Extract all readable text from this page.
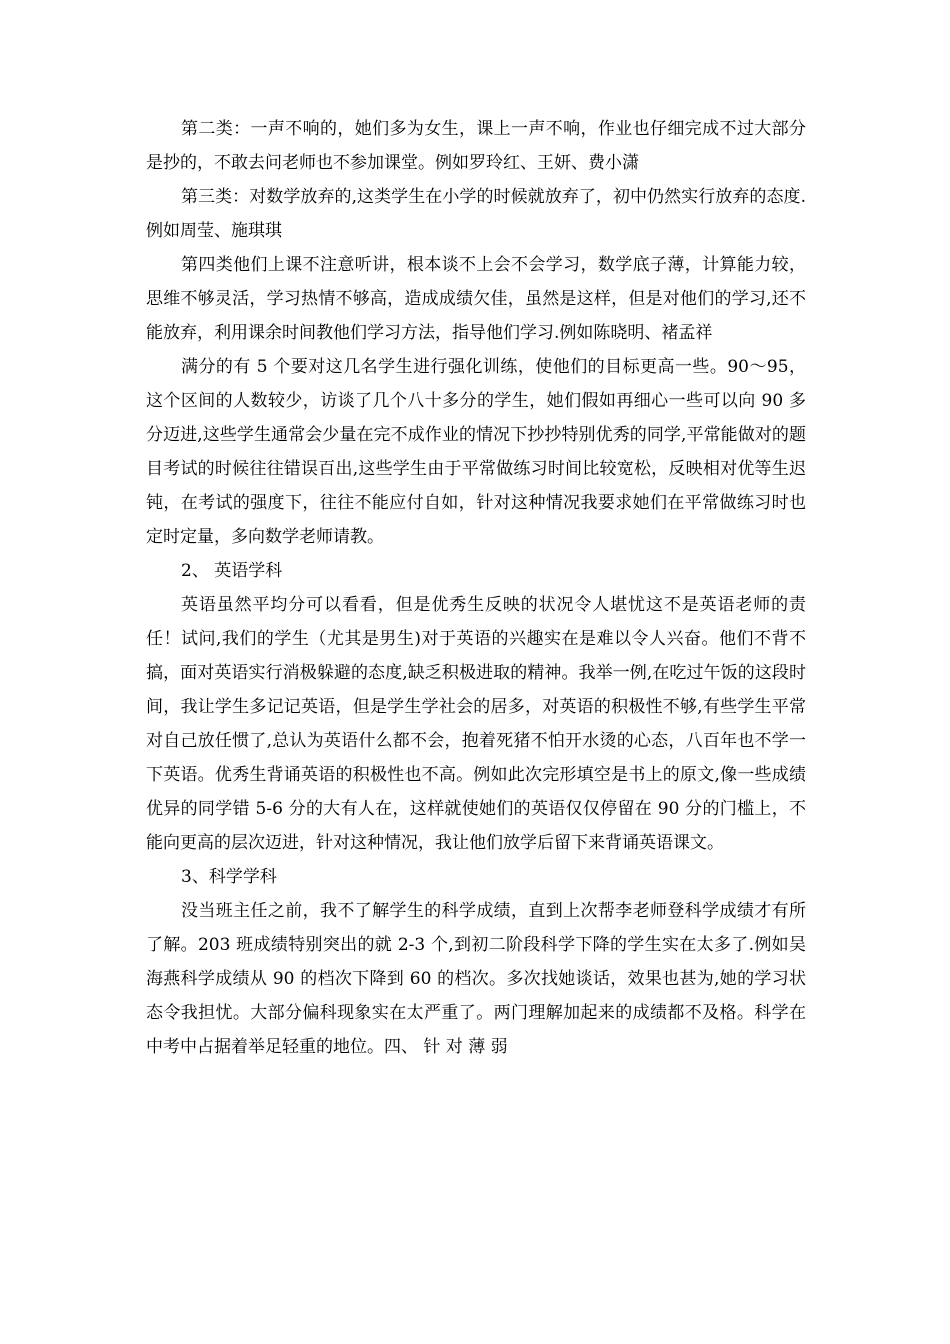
第二类：一声不响的，她们多为女生，课上一声不响，作业也仔细完成不过大部分是抄的，不敢去问老师也不参加课堂。例如罗玲红、王妍、费小潇

第三类：对数学放弃的,这类学生在小学的时候就放弃了，初中仍然实行放弃的态度.例如周莹、施琪琪

第四类他们上课不注意听讲，根本谈不上会不会学习，数学底子薄，计算能力较，思维不够灵活，学习热情不够高，造成成绩欠佳，虽然是这样，但是对他们的学习,还不能放弃，利用课余时间教他们学习方法，指导他们学习.例如陈晓明、褚孟祥

满分的有 5 个要对这几名学生进行强化训练，使他们的目标更高一些。90～95，这个区间的人数较少，访谈了几个八十多分的学生，她们假如再细心一些可以向 90 多分迈进,这些学生通常会少量在完不成作业的情况下抄抄特别优秀的同学,平常能做对的题目考试的时候往往错误百出,这些学生由于平常做练习时间比较宽松，反映相对优等生迟钝，在考试的强度下，往往不能应付自如，针对这种情况我要求她们在平常做练习时也定时定量，多向数学老师请教。

2、 英语学科

英语虽然平均分可以看看，但是优秀生反映的状况令人堪忧这不是英语老师的责任！试问,我们的学生（尤其是男生)对于英语的兴趣实在是难以令人兴奋。他们不背不搞，面对英语实行消极躲避的态度,缺乏积极进取的精神。我举一例,在吃过午饭的这段时间，我让学生多记记英语，但是学生学社会的居多，对英语的积极性不够,有些学生平常对自己放任惯了,总认为英语什么都不会，抱着死猪不怕开水烫的心态，八百年也不学一下英语。优秀生背诵英语的积极性也不高。例如此次完形填空是书上的原文,像一些成绩优异的同学错 5-6 分的大有人在，这样就使她们的英语仅仅停留在 90 分的门槛上，不能向更高的层次迈进，针对这种情况，我让他们放学后留下来背诵英语课文。

3、科学学科

没当班主任之前，我不了解学生的科学成绩，直到上次帮李老师登科学成绩才有所了解。203 班成绩特别突出的就 2-3 个,到初二阶段科学下降的学生实在太多了.例如吴海燕科学成绩从 90 的档次下降到 60 的档次。多次找她谈话，效果也甚为,她的学习状态令我担忧。大部分偏科现象实在太严重了。两门理解加起来的成绩都不及格。科学在中考中占据着举足轻重的地位。四、 针 对 薄 弱
